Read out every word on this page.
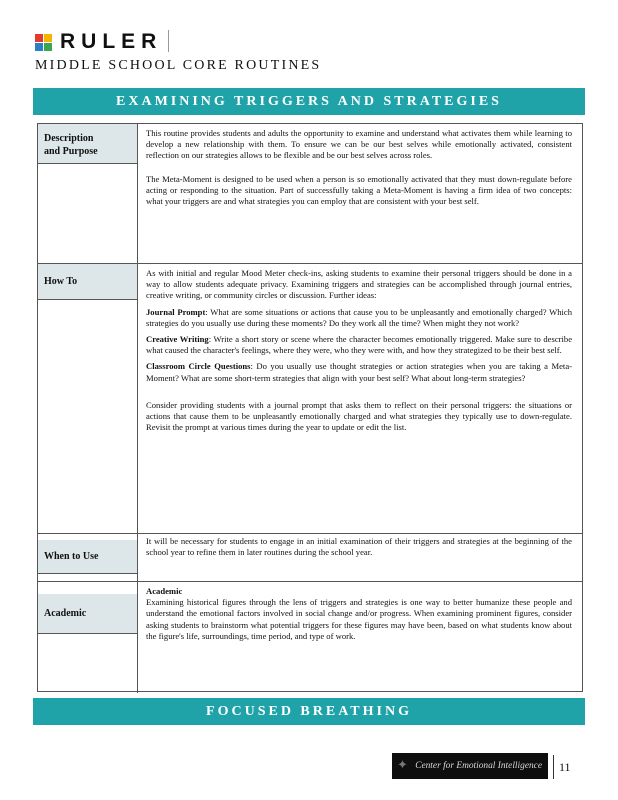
RULER
MIDDLE SCHOOL CORE ROUTINES
EXAMINING TRIGGERS AND STRATEGIES
Description
and Purpose

This routine provides students and adults the opportunity to examine and understand what activates them while learning to develop a new relationship with them. To ensure we can be our best selves while emotionally activated, consistent reflection on our strategies allows to be flexible and be our best selves across roles.

The Meta-Moment is designed to be used when a person is so emotionally activated that they must down-regulate before acting or responding to the situation. Part of successfully taking a Meta-Moment is having a firm idea of two concepts: what your triggers are and what strategies you can employ that are consistent with your best self.

How To

As with initial and regular Mood Meter check-ins, asking students to examine their personal triggers should be done in a way to allow students adequate privacy. Examining triggers and strategies can be accomplished through journal entries, creative writing, or community circles or discussion. Further ideas:

Journal Prompt: What are some situations or actions that cause you to be unpleasantly and emotionally charged? Which strategies do you usually use during these moments? Do they work all the time? When might they not work?

Creative Writing: Write a short story or scene where the character becomes emotionally triggered. Make sure to describe what caused the character's feelings, where they were, who they were with, and how they strategized to be their best self.

Classroom Circle Questions: Do you usually use thought strategies or action strategies when you are taking a Meta-Moment? What are some short-term strategies that align with your best self? What about long-term strategies?

Consider providing students with a journal prompt that asks them to reflect on their personal triggers: the situations or actions that cause them to be unpleasantly emotionally charged and what strategies they typically use to down-regulate. Revisit the prompt at various times during the year to update or edit the list.

When to Use

It will be necessary for students to engage in an initial examination of their triggers and strategies at the beginning of the school year to refine them in later routines during the school year.

Academic

Academic

Examining historical figures through the lens of triggers and strategies is one way to better humanize these people and understand the emotional factors involved in social change and/or progress. When examining prominent figures, consider asking students to brainstorm what potential triggers for these figures may have been, based on what students know about the figure's life, surroundings, time period, and type of work.

FOCUSED BREATHING
Center for Emotional Intelligence
✦	11
